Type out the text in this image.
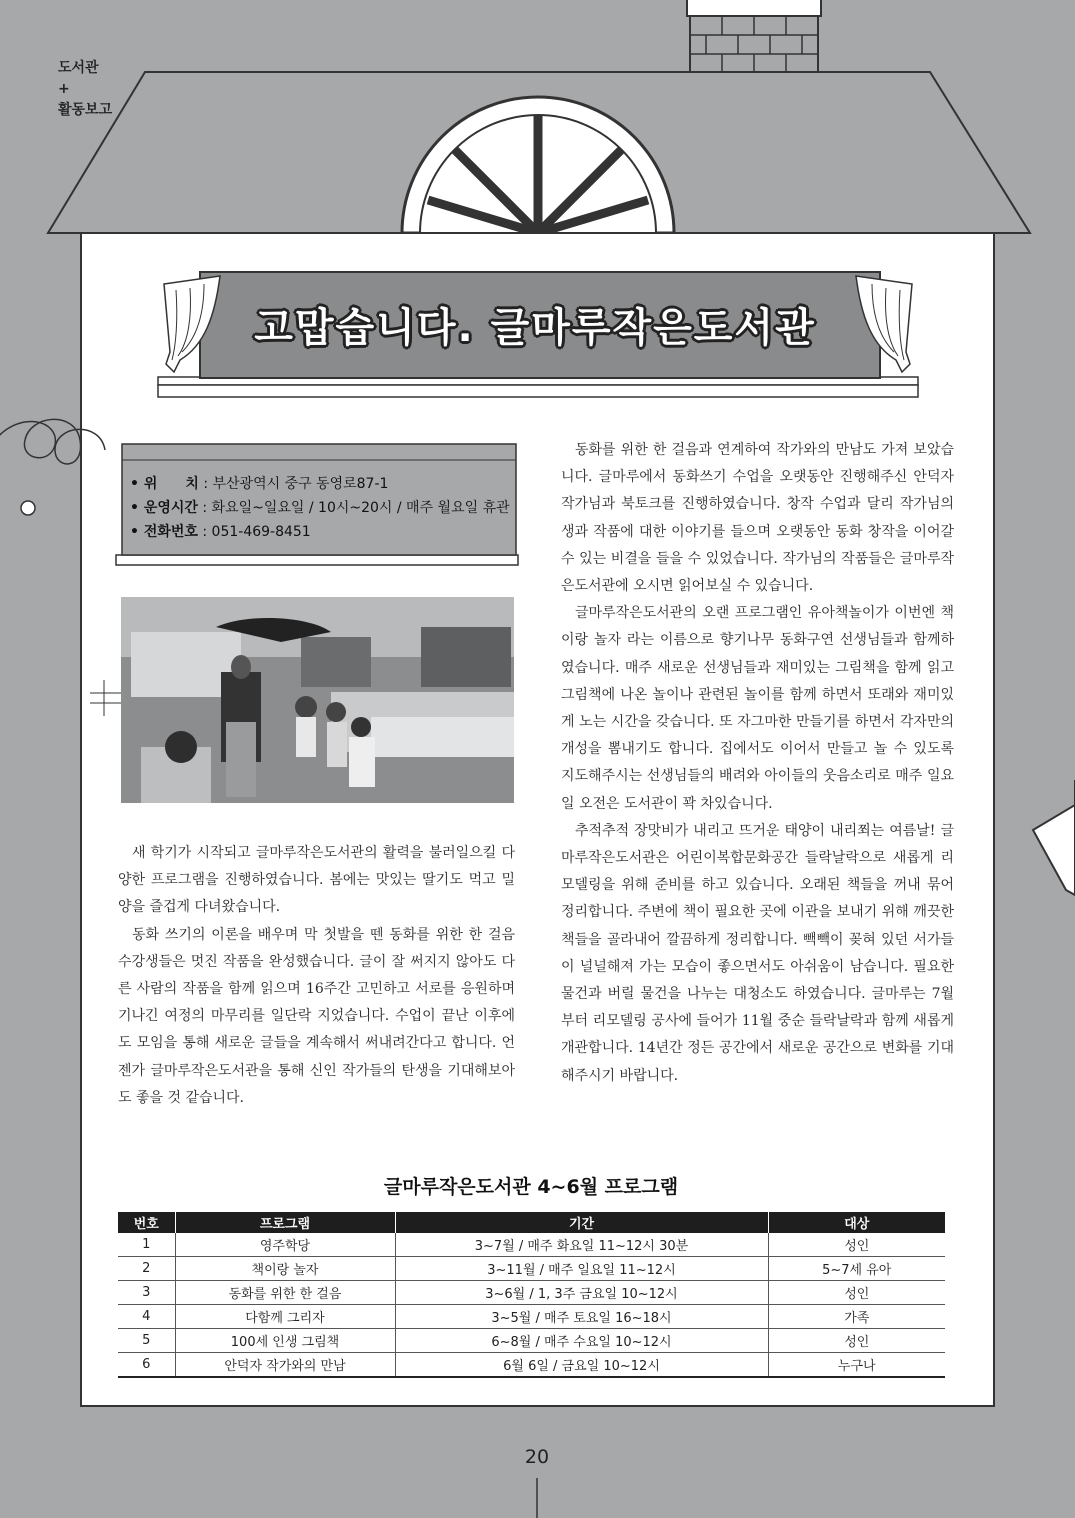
도서관
+
활동보고
고맙습니다. 글마루작은도서관
• 위　　치 : 부산광역시 중구 동영로87-1
• 운영시간 : 화요일~일요일 / 10시~20시 / 매주 월요일 휴관
• 전화번호 : 051-469-8451

새 학기가 시작되고 글마루작은도서관의 활력을 불러일으킬 다양한 프로그램을 진행하였습니다. 봄에는 맛있는 딸기도 먹고 밀양을 즐겁게 다녀왔습니다.

동화 쓰기의 이론을 배우며 막 첫발을 뗀 동화를 위한 한 걸음 수강생들은 멋진 작품을 완성했습니다. 글이 잘 써지지 않아도 다른 사람의 작품을 함께 읽으며 16주간 고민하고 서로를 응원하며 기나긴 여정의 마무리를 일단락 지었습니다. 수업이 끝난 이후에도 모임을 통해 새로운 글들을 계속해서 써내려간다고 합니다. 언젠가 글마루작은도서관을 통해 신인 작가들의 탄생을 기대해보아도 좋을 것 같습니다.

동화를 위한 한 걸음과 연계하여 작가와의 만남도 가져 보았습니다. 글마루에서 동화쓰기 수업을 오랫동안 진행해주신 안덕자 작가님과 북토크를 진행하였습니다. 창작 수업과 달리 작가님의 생과 작품에 대한 이야기를 들으며 오랫동안 동화 창작을 이어갈 수 있는 비결을 들을 수 있었습니다. 작가님의 작품들은 글마루작은도서관에 오시면 읽어보실 수 있습니다.

글마루작은도서관의 오랜 프로그램인 유아책놀이가 이번엔 책이랑 놀자 라는 이름으로 향기나무 동화구연 선생님들과 함께하였습니다. 매주 새로운 선생님들과 재미있는 그림책을 함께 읽고 그림책에 나온 놀이나 관련된 놀이를 함께 하면서 또래와 재미있게 노는 시간을 갖습니다. 또 자그마한 만들기를 하면서 각자만의 개성을 뽐내기도 합니다. 집에서도 이어서 만들고 놀 수 있도록 지도해주시는 선생님들의 배려와 아이들의 웃음소리로 매주 일요일 오전은 도서관이 꽉 차있습니다.

추적추적 장맛비가 내리고 뜨거운 태양이 내리쬐는 여름날! 글마루작은도서관은 어린이복합문화공간 들락날락으로 새롭게 리모델링을 위해 준비를 하고 있습니다. 오래된 책들을 꺼내 묶어 정리합니다. 주변에 책이 필요한 곳에 이관을 보내기 위해 깨끗한 책들을 골라내어 깔끔하게 정리합니다. 빽빽이 꽂혀 있던 서가들이 널널해져 가는 모습이 좋으면서도 아쉬움이 남습니다. 필요한 물건과 버릴 물건을 나누는 대청소도 하였습니다. 글마루는 7월부터 리모델링 공사에 들어가 11월 중순 들락날락과 함께 새롭게 개관합니다. 14년간 정든 공간에서 새로운 공간으로 변화를 기대해주시기 바랍니다.

글마루작은도서관 4~6월 프로그램
번호	프로그램	기간	대상
1	영주학당	3~7월 / 매주 화요일 11~12시 30분	성인
2	책이랑 놀자	3~11월 / 매주 일요일 11~12시	5~7세 유아
3	동화를 위한 한 걸음	3~6월 / 1, 3주 금요일 10~12시	성인
4	다함께 그리자	3~5월 / 매주 토요일 16~18시	가족
5	100세 인생 그림책	6~8월 / 매주 수요일 10~12시	성인
6	안덕자 작가와의 만남	6월 6일 / 금요일 10~12시	누구나
20
